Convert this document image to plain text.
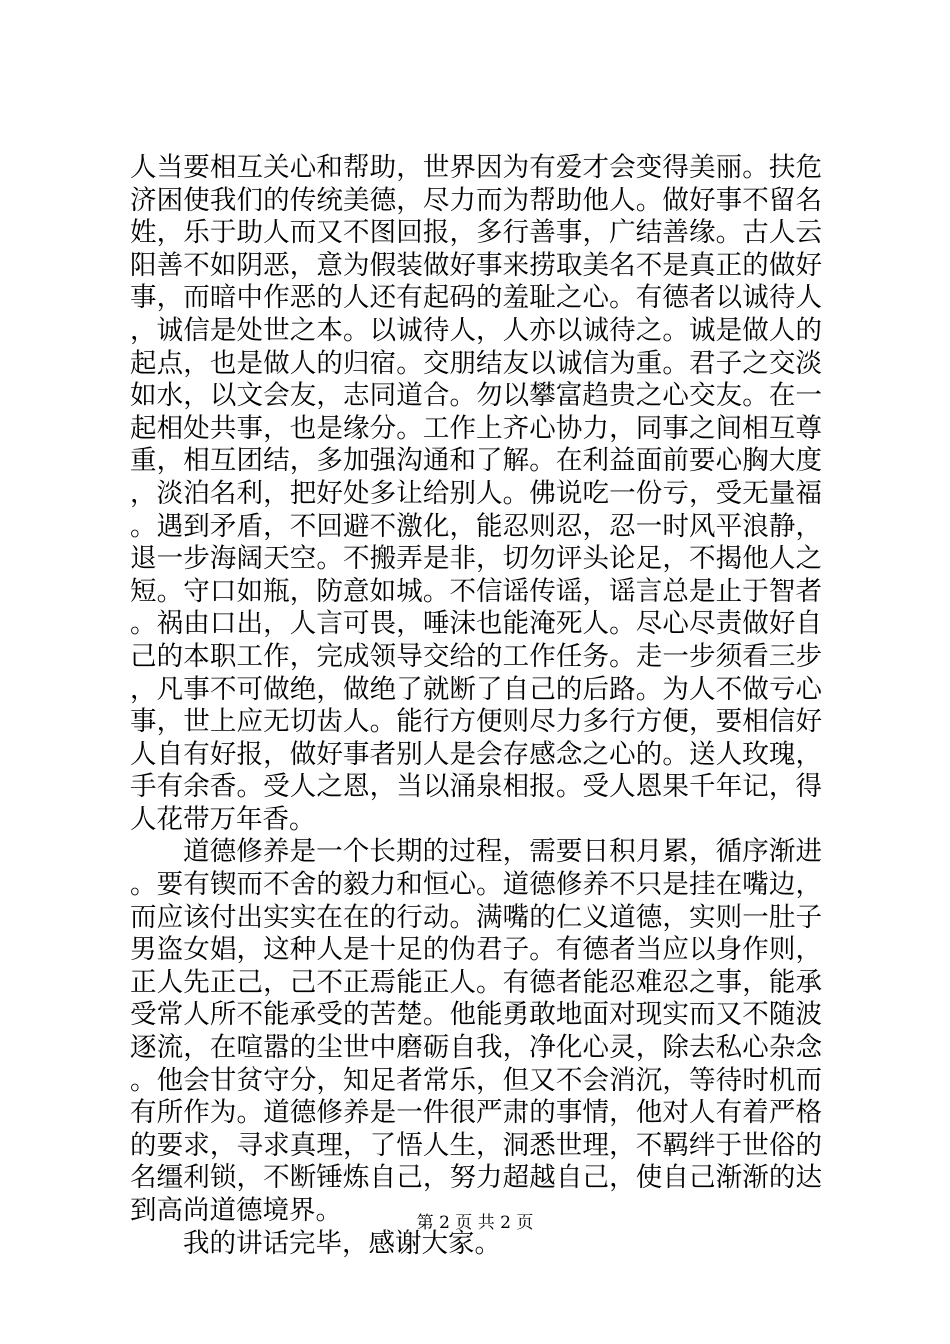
人当要相互关心和帮助，世界因为有爱才会变得美丽。扶危济困使我们的传统美德，尽力而为帮助他人。做好事不留名姓，乐于助人而又不图回报，多行善事，广结善缘。古人云阳善不如阴恶，意为假装做好事来捞取美名不是真正的做好事，而暗中作恶的人还有起码的羞耻之心。有德者以诚待人，诚信是处世之本。以诚待人，人亦以诚待之。诚是做人的起点，也是做人的归宿。交朋结友以诚信为重。君子之交淡如水，以文会友，志同道合。勿以攀富趋贵之心交友。在一起相处共事，也是缘分。工作上齐心协力，同事之间相互尊重，相互团结，多加强沟通和了解。在利益面前要心胸大度，淡泊名利，把好处多让给别人。佛说吃一份亏，受无量福。遇到矛盾，不回避不激化，能忍则忍，忍一时风平浪静，退一步海阔天空。不搬弄是非，切勿评头论足，不揭他人之短。守口如瓶，防意如城。不信谣传谣，谣言总是止于智者。祸由口出，人言可畏，唾沫也能淹死人。尽心尽责做好自己的本职工作，完成领导交给的工作任务。走一步须看三步，凡事不可做绝，做绝了就断了自己的后路。为人不做亏心事，世上应无切齿人。能行方便则尽力多行方便，要相信好人自有好报，做好事者别人是会存感念之心的。送人玫瑰，手有余香。受人之恩，当以涌泉相报。受人恩果千年记，得人花带万年香。

道德修养是一个长期的过程，需要日积月累，循序渐进。要有锲而不舍的毅力和恒心。道德修养不只是挂在嘴边，而应该付出实实在在的行动。满嘴的仁义道德，实则一肚子男盗女娼，这种人是十足的伪君子。有德者当应以身作则，正人先正己，己不正焉能正人。有德者能忍难忍之事，能承受常人所不能承受的苦楚。他能勇敢地面对现实而又不随波逐流，在喧嚣的尘世中磨砺自我，净化心灵，除去私心杂念。他会甘贫守分，知足者常乐，但又不会消沉，等待时机而有所作为。道德修养是一件很严肃的事情，他对人有着严格的要求，寻求真理，了悟人生，洞悉世理，不羁绊于世俗的名缰利锁，不断锤炼自己，努力超越自己，使自己渐渐的达到高尚道德境界。

我的讲话完毕，感谢大家。

第 2 页 共 2 页
